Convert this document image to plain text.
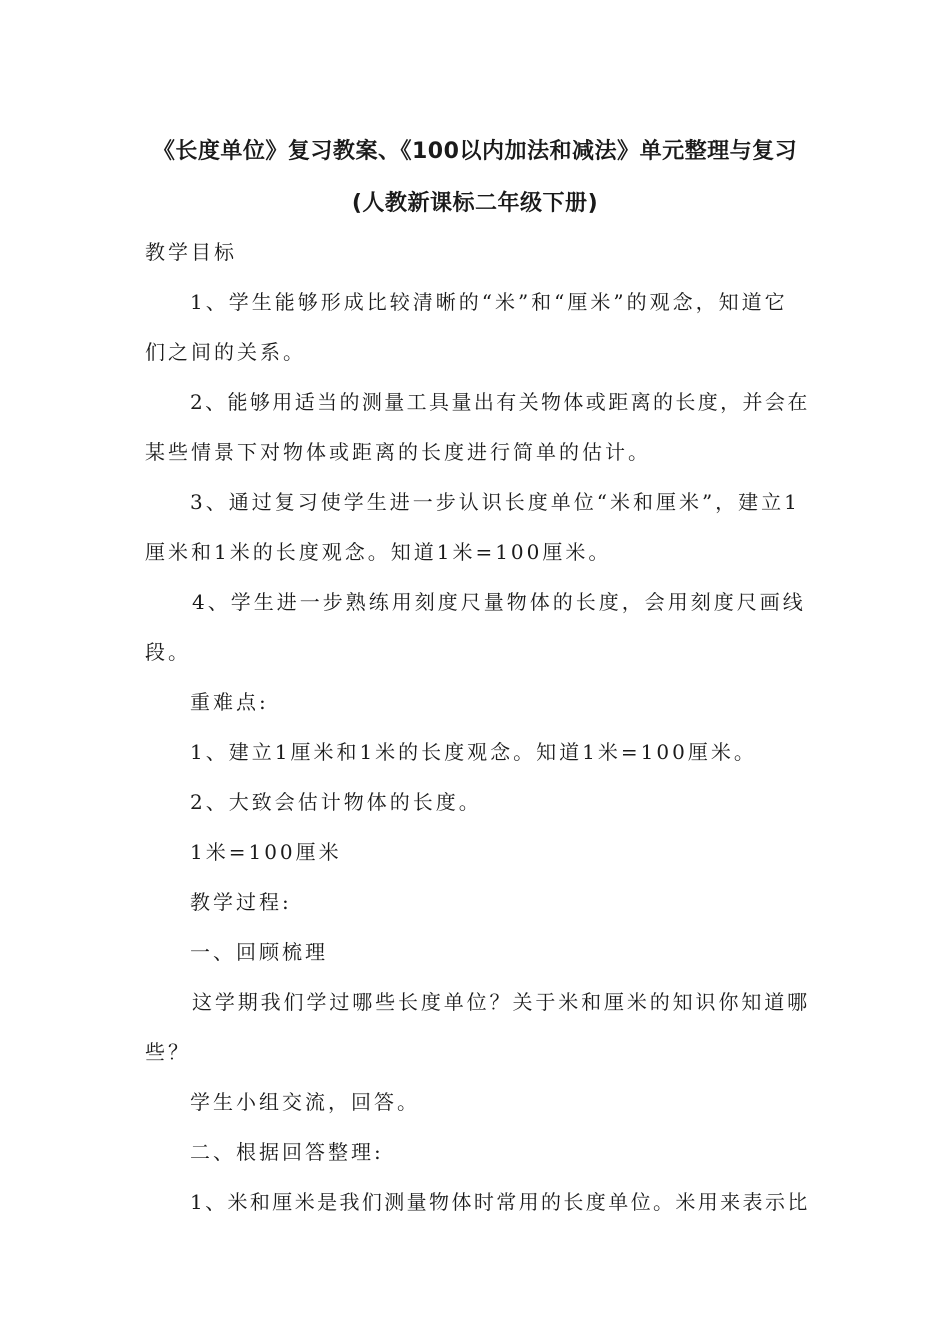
《长度单位》复习教案、《100以内加法和减法》单元整理与复习
(人教新课标二年级下册)
教学目标
1、学生能够形成比较清晰的“米”和“厘米”的观念，知道它
们之间的关系。
2、能够用适当的测量工具量出有关物体或距离的长度，并会在
某些情景下对物体或距离的长度进行简单的估计。
3、通过复习使学生进一步认识长度单位“米和厘米”，建立1
厘米和1米的长度观念。知道1米=100厘米。
4、学生进一步熟练用刻度尺量物体的长度，会用刻度尺画线
段。
重难点:
1、建立1厘米和1米的长度观念。知道1米=100厘米。
2、大致会估计物体的长度。
1米=100厘米
教学过程:
一、回顾梳理
这学期我们学过哪些长度单位？关于米和厘米的知识你知道哪
些？
学生小组交流，回答。
二、根据回答整理:
1、米和厘米是我们测量物体时常用的长度单位。米用来表示比
